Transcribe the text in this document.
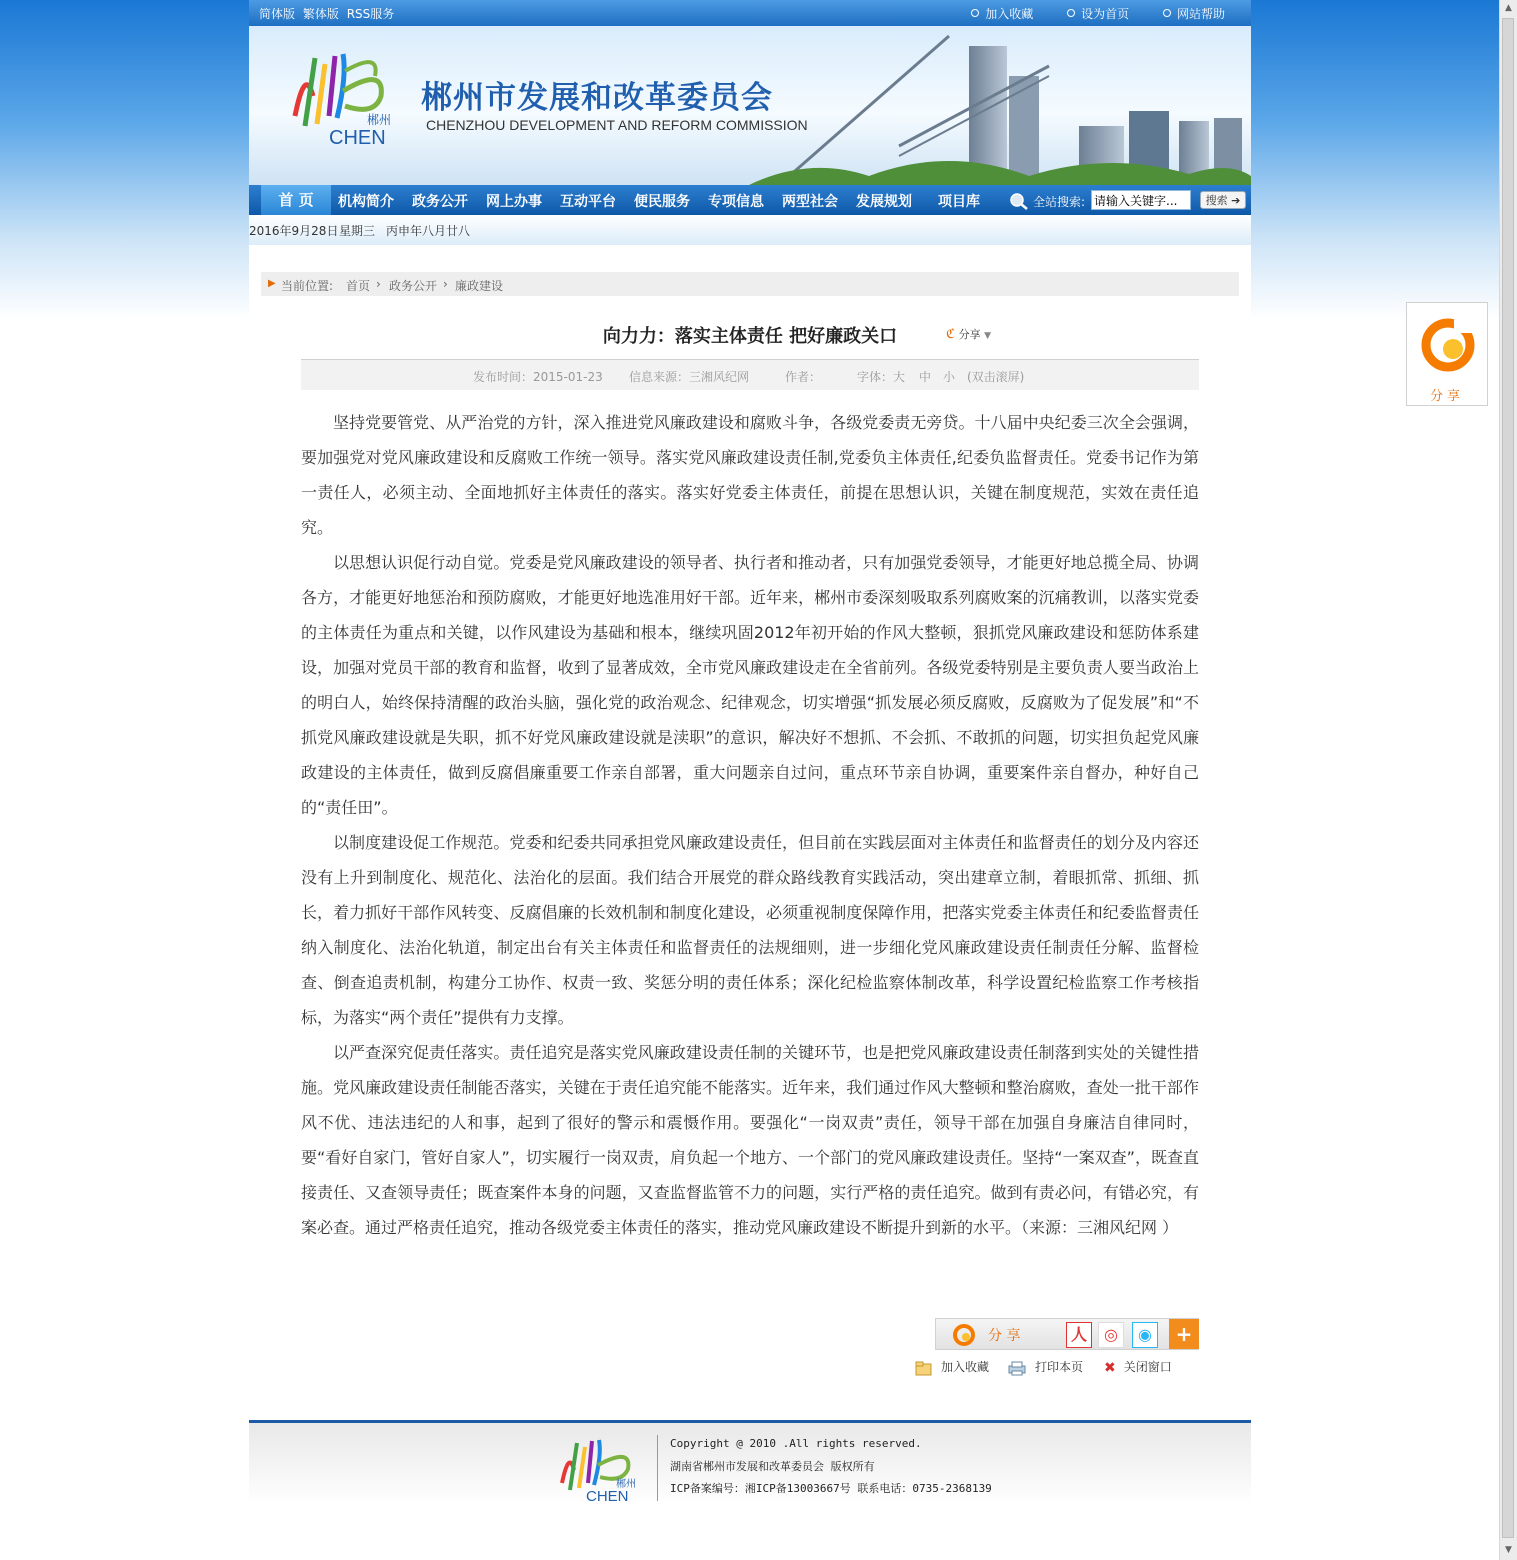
▲
▼
简体版 繁体版 RSS服务	加入收藏	设为首页	网站帮助
郴州
CHEN
郴州市发展和改革委员会
CHENZHOU DEVELOPMENT AND REFORM COMMISSION
首 页	机构简介 政务公开 网上办事 互动平台 便民服务 专项信息 两型社会 发展规划 项目库	全站搜索:
请输入关键字...	搜索 ➔
2016年9月28日 星期三 丙申年八月廿八
▶ 当前位置: 首页 › 政务公开 › 廉政建设
向力力：落实主体责任 把好廉政关口	ℭ 分享 ▼
发布时间：2015-01-23 信息来源：三湘风纪网	作者：	字体： 大 中 小 (双击滚屏)

坚持党要管党、从严治党的方针，深入推进党风廉政建设和腐败斗争，各级党委责无旁贷。十八届中央纪委三次全会强调，要加强党对党风廉政建设和反腐败工作统一领导。落实党风廉政建设责任制,党委负主体责任,纪委负监督责任。党委书记作为第一责任人，必须主动、全面地抓好主体责任的落实。落实好党委主体责任，前提在思想认识，关键在制度规范，实效在责任追究。

以思想认识促行动自觉。党委是党风廉政建设的领导者、执行者和推动者，只有加强党委领导，才能更好地总揽全局、协调各方，才能更好地惩治和预防腐败，才能更好地选准用好干部。近年来，郴州市委深刻吸取系列腐败案的沉痛教训，以落实党委的主体责任为重点和关键，以作风建设为基础和根本，继续巩固2012年初开始的作风大整顿，狠抓党风廉政建设和惩防体系建设，加强对党员干部的教育和监督，收到了显著成效，全市党风廉政建设走在全省前列。各级党委特别是主要负责人要当政治上的明白人，始终保持清醒的政治头脑，强化党的政治观念、纪律观念，切实增强“抓发展必须反腐败，反腐败为了促发展”和“不抓党风廉政建设就是失职，抓不好党风廉政建设就是渎职”的意识，解决好不想抓、不会抓、不敢抓的问题，切实担负起党风廉政建设的主体责任，做到反腐倡廉重要工作亲自部署，重大问题亲自过问，重点环节亲自协调，重要案件亲自督办，种好自己的“责任田”。

以制度建设促工作规范。党委和纪委共同承担党风廉政建设责任，但目前在实践层面对主体责任和监督责任的划分及内容还没有上升到制度化、规范化、法治化的层面。我们结合开展党的群众路线教育实践活动，突出建章立制，着眼抓常、抓细、抓长，着力抓好干部作风转变、反腐倡廉的长效机制和制度化建设，必须重视制度保障作用，把落实党委主体责任和纪委监督责任纳入制度化、法治化轨道，制定出台有关主体责任和监督责任的法规细则，进一步细化党风廉政建设责任制责任分解、监督检查、倒查追责机制，构建分工协作、权责一致、奖惩分明的责任体系；深化纪检监察体制改革，科学设置纪检监察工作考核指标，为落实“两个责任”提供有力支撑。

以严查深究促责任落实。责任追究是落实党风廉政建设责任制的关键环节，也是把党风廉政建设责任制落到实处的关键性措施。党风廉政建设责任制能否落实，关键在于责任追究能不能落实。近年来，我们通过作风大整顿和整治腐败，查处一批干部作风不优、违法违纪的人和事，起到了很好的警示和震慑作用。要强化“一岗双责”责任，领导干部在加强自身廉洁自律同时，要“看好自家门，管好自家人”，切实履行一岗双责，肩负起一个地方、一个部门的党风廉政建设责任。坚持“一案双查”，既查直接责任、又查领导责任；既查案件本身的问题，又查监督监管不力的问题，实行严格的责任追究。做到有责必问，有错必究，有案必查。通过严格责任追究，推动各级党委主体责任的落实，推动党风廉政建设不断提升到新的水平。（来源：三湘风纪网 ）

分 享	人	◎	◉	+
加入收藏	打印本页 ✖ 关闭窗口
郴州
CHEN
Copyright @ 2010 .All rights reserved.
湖南省郴州市发展和改革委员会 版权所有
ICP备案编号：湘ICP备13003667号 联系电话：0735-2368139
分享
